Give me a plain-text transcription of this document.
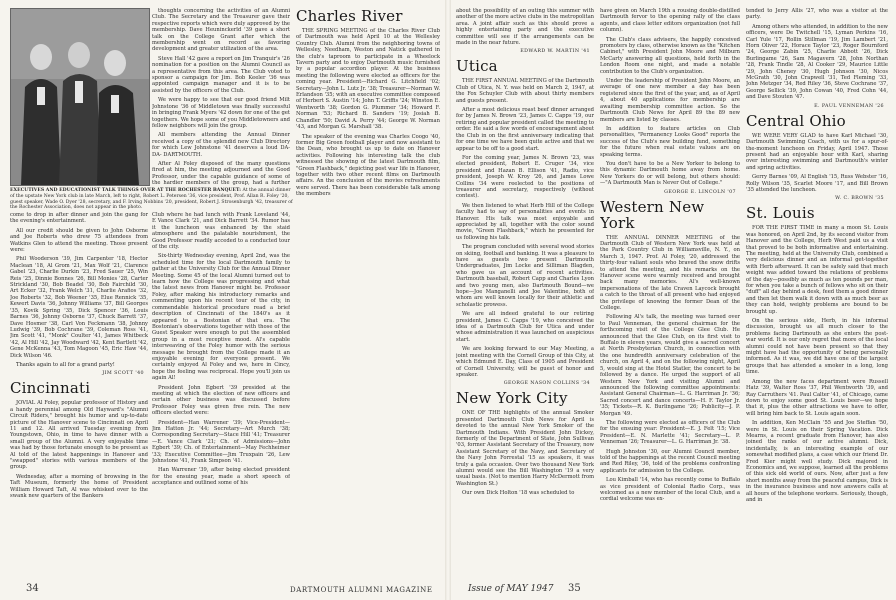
EXECUTIVES AND EDUCATIONIST TALK THINGS OVER AT THE ROCHESTER BANQUET: At the annual dinner of the upstate New York club in late March, left to right, Robert L. Petersen '36, vice president, Prof. Allan R. Foley '20, guest speaker, Wade O. Dyer '28, secretary, and F. Irving Nobbins '20, president, Robert J. Strosenburgh '42, treasurer of the Rochester Association, does not appear in the photo.

thoughts concerning the activities of an Alumni Club. The Secretary and the Treasurer gave their respective reports which were duly approved by the membership. Dave Heuninckerld '39 gave a short talk on the College Grant after which the membership went on record as favoring development and greater utilization of the area.

Steve Hall '42 gave a report on Jim Tranquir's '26 nomination for a position on the Alumni Council as a representative from this area. The Club voted to sponsor a campaign for Jim. Bob Keeler '36 was appointed campaign manager and it is to be assisted by the officers of the Club.

We were happy to see that our good friend Milt Johnstone '36 of Middletown was finally successful in bringing Frank Myers '42 down for one of the get togethers. We hope some of you Middletowners and fellow neighbors will join the group.

All members attending the Annual Dinner received a copy of the splendid new Club Directory for which Lew Johnstone '41 deserves a loud DA-DA- DARTMOUTH.

After Al Foley disposed of the many questions fired at him, the meeting adjourned and the Good Professor, under the capable guidance of some of the hardier members of the group, had a further

Charles River

THE SPRING MEETING of the Charles River Club of Dartmouth was held April 10 at the Wellesley Country Club. Alumni from the neighboring towns of Wellesley, Needham, Weston and Natick gathered in the club's taproom to participate in a Wheelock Tavern party and to enjoy Dartmouth music furnished by a popular accordion player. At the business meeting the following were elected as officers for the coming year. President—Richard G. Litchfield '02; Secretary—John L. Lutz Jr. '38; Treasurer—Norman W. Erlandson '35; with an executive committee composed of Herbert S. Austin '14; John T. Griffis '24; Winston E. Wentworth '38; Gordon G. Plummer '34; Howard F. Norman '53; Richard B. Sanders '19; Josiah B. Chandler '50; David A. Perry '44; George W. Norman '43, and Morgan G. Marshall '38.

The speaker of the evening was Charles Coogo '40, former Big Green football player and now assistant to the Dean, who brought us up to date on Hanover activities. Following his interesting talk the club witnessed the showing of the latest Dartmouth film, "Green Flashback," depicting post war life in Hanover, together with two other recent films on Dartmouth affairs. An the conclusion of the movies refreshments were served. There has been considerable talk among the members

come to drop in after dinner and join the gang for the evening's entertainment.

All our credit should be given to John Osborne and Joe Roberts who drew 75 attendees from Watkins Glen to attend the meeting. Those present were:

Phil Wooderson '39, Jim Carpenter '18, Hector Maclean '18, Al Grom '21, Max Wolf '21, Clarence Gabel '23, Charlie Durkin '23, Fred Sauer '25, Win Reis '25, Dinnie Bonnes '26, Bill Monies '28, Carter Strickland '30, Bob Beadel '30, Bob Fairchild '30, Art Ecker '32, Frank Welch '31, Charlie Arafios '32, Joe Roberts '32, Bob Weener '35, Elue Rennick '35, Kewert Davis '36, Johnny Williams '37, Bill Georges '35, Kovik Spring '35, Dick Spencer '36, Louis Barnes '36, Johnny Osborne '37, Chuck Barrett '37, Dave Hosmer '38, Carl Von Feckmann '38, Johnny Ludwig '39, Bob Cochrane '39, Coleman Ross '41, Jim Scott '41, "Monk" Coulter '41, James Whitbeck '42, Al Hill '42, Jay Woodward '42, Kent Bartlett '42, Gene McKenna '43, Tom Magoon '45, Eric Haw '44, Dick Wilson '46.

Thanks again to all for a grand party!

JIM SCOTT '40
Cincinnati

JOVIAL Al Foley, popular professor of History and a handy perennial among Old Hayward's "Alumni Circuit Riders," brought his humor and up-to-date picture of the Hanover scene to Cincinnati on April 11 and 12. All arrived Tuesday evening from Youngstown, Ohio, in time to have dinner with a small group of the Alumni. A very enjoyable time was had by those fortunate enough to be present as Al told of the latest happenings in Hanover and "swapped" stories with various members of the group.

Wednesday, after a morning of browsing in the Taft Museum, formerly the home of President William Howard Taft, Al was whisked over to the swank new quarters of the Bankers

Club where he had lunch with Frank Loveland '44, E Vance Clark '21, and Dick Barrett '34. Rumor has it the luncheon was enhanced by the staid atmosphere and the palatable nourishment, the Good Professor readily acceded to a conducted tour of the city.

Six-thirty Wednesday evening, April 2nd, was the scheduled time for the local Dartmouth family to gather at the University Club for the Annual Dinner Meeting. Some 45 of the local Alumni turned out to learn how the College was progressing and what the latest news from Hanover might be. Professor Foley, after making his introductory remarks and commenting upon his recent tour of the city, in commendable historical procedure read a brief description of Cincinnati of the 1840's as it appeared to a Bostonian of that era. The Bostonian's observations together with those of the Guest Speaker were enough to put the assembled group in a most receptive mood. Al's capable interweaving of the Foley humor with the serious message he brought from the College made it an enjoyable evening for everyone present. We certainly enjoyed Al Foley and we, here in Cincy, hope the feeling was reciprocal. Hope you'll join us again Al!

President John Egbert '39 presided at the meeting at which the election of new officers and certain other business was discussed before Professor Foley was given free rein. The new officers elected were:

President—Han Warrener '39; Vice-President—Jim Hatton Jr. '44; Secretary—Art Murch '38; Corresponding Secretary—Stace Hill '41; Treasurer—E. Vance Clark '21; Ch. of Admissions—John Egbert '39; Ch. of Entertainment—May Fechheimer '33; Executive Committee—Jim Truxpain '26, Lew Johnstone '41, Frank Simpson '41.

Han Warrener '39, after being elected president for the ensuing year, made a short speech of acceptance and outlined some of his

34	DARTMOUTH ALUMNI MAGAZINE

about the possibility of an outing this summer with another of the more active clubs in the metropolitan area. A joint affair such as this should prove a highly entertaining party and the executive committee will see if the arrangements can be made in the near future.

EDWARD W. MARTIN '41
Utica

THE FIRST ANNUAL MEETING of the Dartmouth Club of Utica, N. Y. was held on March 2, 1947, at the Fox Schuyler Club with about thirty members and guests present.

After a most delicious roast beef dinner arranged for by James N. Brown '23, James C. Capps '19, our retiring and popular president called the meeting to order. He said a few words of encouragement about the Club in on the first anniversary indicating that for one time we have been quite active and that we appear to be off to a good start.

For the coming year, James N. Brown '23, was elected president, Robert E. Cruger '34, vice president and Hazan B. Ellison '41, Radio, vice president, Joseph W. Kroy '26, and James Lowe Collins '34 were reelected to the positions of treasurer and secretary, respectively (without contest).

We then listened to what Herb Hill of the College faculty had to say of personalities and events in Hanover. His talk was most enjoyable and appreciated by all, together with the color sound movie, "Green Flashback," which he presented for us following his talk.

The program concluded with several wood stories on skiing, football and banking. It was a pleasure to have as guests two present Dartmouth Undergraduates, Jim Locke and Silliman Blagden, who gave us an account of recent activities. Dartmouth baseball, Robert Capp and Charles Lyon and two young men, also Dartmouth Bound—we hope—Joe Manganelli and Joe Valentine, both of whom are well known locally for their athletic and scholastic prowess.

We are all indeed grateful to our retiring president, James C. Capps '19, who conceived the idea of a Dartmouth Club for Utica and under whose administration it was launched on auspicious start.

We are looking forward to our May Meeting, a joint meeting with the Cornell Group of this City, at which Edmund E. Day, Class of 1905 and President of Cornell University, will be guest of honor and speaker.

GEORGE NASON COLLINS '34
New York City

ONE OF THE highlights of the annual Smoker presented Dartmouth Club News for April is devoted to the annual New York Smoker of the Dartmouth Indians. With President John Dickey, formerly of the Department of State, John Sullivan '03, former Assistant Secretary of the Treasury, now Assistant Secretary of the Navy, and Secretary of the Navy John Forrestal '15 as speakers, it was truly a gala occasion. Over two thousand New York alumni would see the Bill Washington '19 a very usual basis. (Not to mention Harry McDermott from Washington St.)

Our own Dick Holton '18 was scheduled to

have given on March 19th a rousing double-distilled Dartmouth fervor to the opening rally of the class agents, and class letter editors organization (not full column).

The Club's class advisers, the happily conceived promoters by class, otherwise known as the "Kitchen Cabinet," with President John Moore and Milburn McCarty answering all questions, held forth in the London Room one night, and made a notable contribution to the Club's organization.

Under the leadership of President John Moore, an average of one new member a day has been registered since the first of the year, and, as of April 4, about 40 applications for membership are awaiting membership committee action. So the Dartmouth Club News for April 89 the 89 new members are listed by classes.

In addition to feature articles on Club personalities, "Permanency Looks Good" reports the success of the Club's new building fund, something for the future when real estate values are on speaking terms.

You don't have to be a New Yorker to belong to this dynamic Dartmouth home away from home. New Yorkers do or will belong, but others should:—"A Dartmouth Man is Never Out of College."

GEORGE E. LINCOLN '07
Western New York

THE ANNUAL DINNER MEETING of the Dartmouth Club of Western New York was held at the Park Country Club in Williamsville, N. Y., on March 3, 1947. Prof. Al Foley, '20, addressed the thirty-four valiant souls who braved the snow drifts to attend the meeting, and his remarks on the Hanover scene were warmly received and brought back many memories. Al's well-known impersonations of the late Craven Laycock brought a catch to the throat of all present who had enjoyed the privilege of knowing the former Dean of the College.

Following Al's talk, the meeting was turned over to Paul Venneman, the general chairman for the forthcoming visit of the College Glee Club. He announced that the Glee Club, on its first visit to Buffalo in eleven years, would give a sacred concert at North Presbyterian Church, in connection with the one hundredth anniversary celebration of the church, on April 4, and on the following night, April 5, would sing at the Hotel Statler, the concert to be followed by a dance. He urged the support of all Western New York and visiting Alumni and announced the following committee appointments: Assistant General Chairman—L. G. Harriman Jr. '36; Sacred concert and dance concerts—H. F. Taylor Jr. '35; Tickets—R. K. Burlingame '26; Publicity—J. P. Morgan '49.

The following were elected as officers of the Club for the ensuing year: President—E. J. Felt '15; Vice President—E. N. Marlette '41; Secretary—L. P. Venneman '26; Treasurer—L. G. Harriman Jr. '38.

Hugh Johnston '30, our Alumni Council member, told of the happenings at the recent Council meeting and Red Riley, '36, told of the problems confronting applicants for admission to the College.

Lou Kimball '14, who has recently come to Buffalo as vice president of Colonial Radio Corp., was welcomed as a new member of the local Club, and a cordial welcome was ex-

tended to Jerry Allis '27, who was a visitor at the party.

Among others who attended, in addition to the new officers, were De Twitchell '15, Lyman Perkins '16, Carl Yule '17, Rollin Stillman '19, Jim Lambert '21, Horn Oliver '22, Horace Taylor '23, Roger Bournford '24, George Zabin '25, Charlie Abbott '26, Dick Burlingame '26, Sam Magavern '28, John Northan '28, Frank Tindle '28, Al Cooker '29, Maurice Little '29, John Cheney '30, Hugh Johnson '30, Nicos McGrath '30, John Crapwell '31, Ted Fleming '33, John Metzger '34, Red Riley '36, Steve Cochrane '37, George Sellick '39, John Cowan '40, Fred Cohn '44, and Dave Stouten '47.

E. PAUL VENNEMAN '26
Central Ohio

WE WERE VERY GLAD to have Karl Michael '30, Dartmouth Swimming Coach, with us for a spur-of-the-moment luncheon on Friday, April 1947. Those present had an enjoyable hour with Karl, sharing over interesting swimming and Dartmouth's winter and spring activities.

Gerry Barnes '09, Al English '15, Russ Webster '16, Rolly Wilson '35, Scarlet Moore '17, and Bill Brown '35 attended the luncheon.

W. C. BROWN '35
St. Louis

FOR THE FIRST TIME in many a moon St. Louis was honored, on April 2nd, by its second visitor from Hanover and the College, Herb West paid us a visit that proved to be both informative and entertaining. The meeting, held at the University Club, combined a very delicious dinner and an informal get-together with Herb afterward. It can be safely said that much weight was added toward the relations of problems of the day—possibly as much as ten pounds per man, for when you take a bunch of fellows who sit on their "duff" all day behind a desk, feed them a good dinner and then let them walk it down with as much beer as they can hold, weighty problems are bound to be brought up.

On the serious side, Herb, in his informal discussion, brought us all much closer to the problems facing Dartmouth as she enters the post-war world. It is our only regret that more of the local alumni could not have been present so that they might have had the opportunity of being personally informed. As it was, we did have one of the largest groups that has attended a smoker in a long, long time.

Among the new faces department were Russell Hatz '39, Walter Ross '37, Phil Wentworth '39, and Ray Carruthers '41. Paul Calter '41, of Chicago, came down to enjoy some good St. Louis beer—we hope that it, plus the other attractions we have to offer, will bring him back to St. Louis again soon.

In addition, Ken McClain '55 and Joe Steffan '50, were in St. Louis on their Spring Vacation. Dick Mearns, a recent graduate from Hanover, has also joined the ranks of our active alumni. Dick, incidentally, is an interesting example of our somewhat modified plans, a case which our friend Dr. Fred Kier might well study. Dick majored in Economics and, we suppose, learned all the problems of this sick old world of ours. Now, after just a few short months away from the peaceful campus, Dick is in the insurance business and now answers calls at all hours of the telephone workers. Seriously, though, and in

Issue of MAY 1947 35
